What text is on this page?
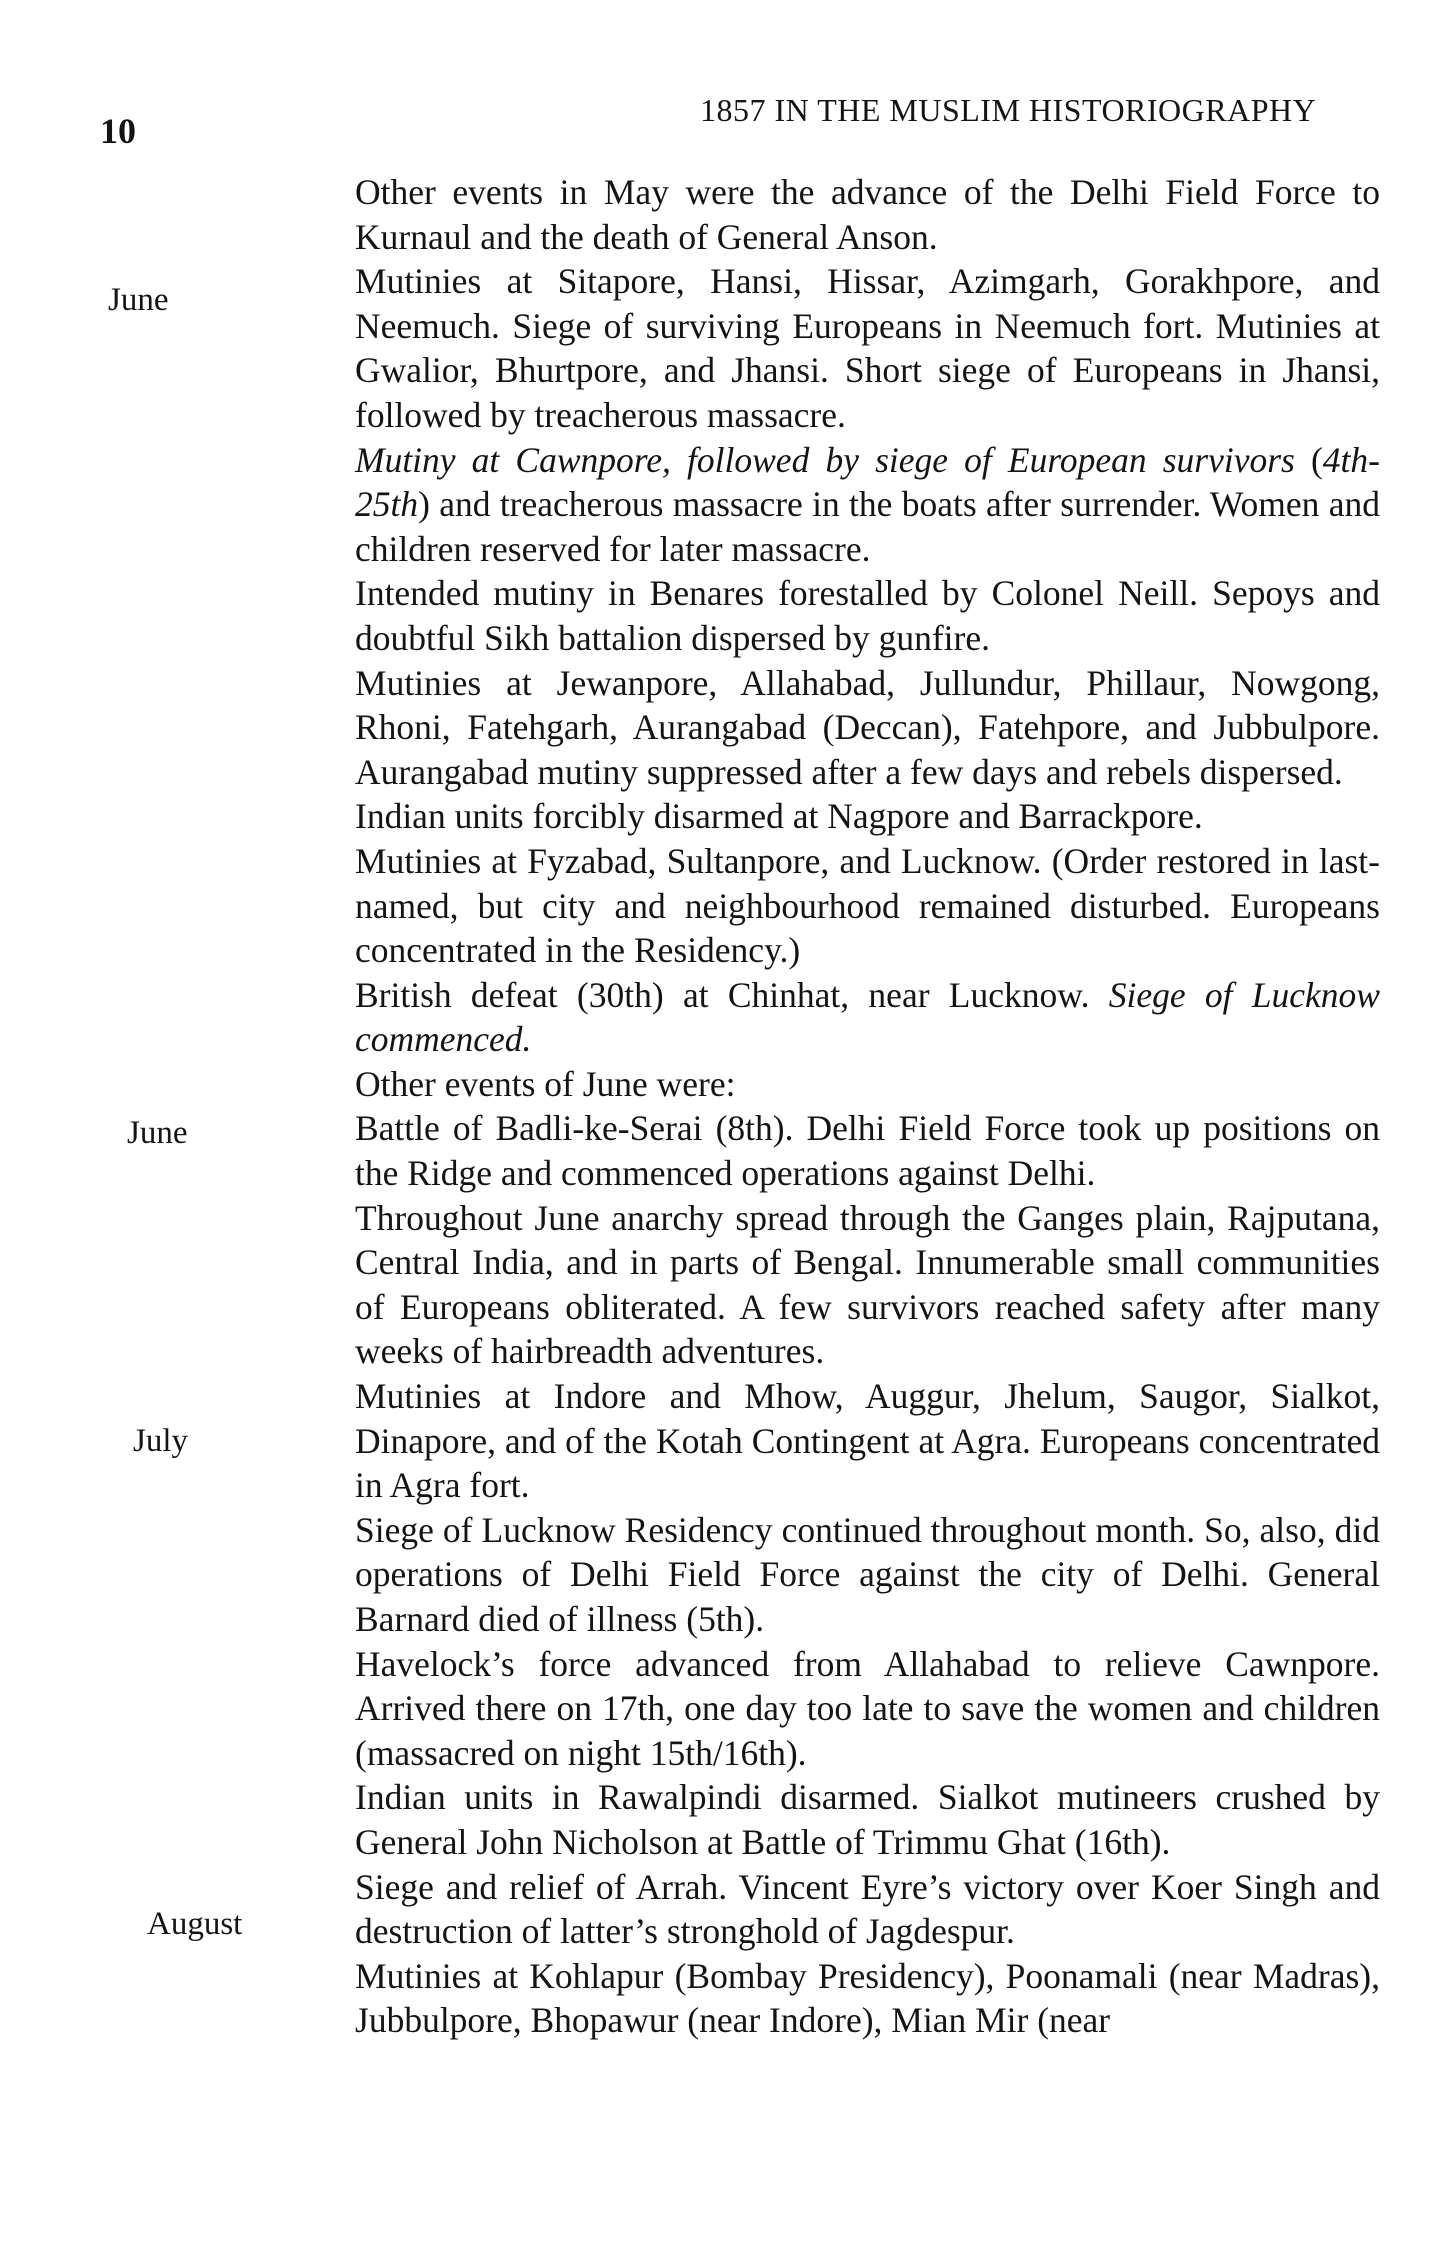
10
1857 IN THE MUSLIM HISTORIOGRAPHY
June
June
July
August

Other events in May were the advance of the Delhi Field Force to Kurnaul and the death of General Anson.

Mutinies at Sitapore, Hansi, Hissar, Azimgarh, Gorakhpore, and Neemuch. Siege of surviving Europeans in Neemuch fort. Mutinies at Gwalior, Bhurtpore, and Jhansi. Short siege of Europeans in Jhansi, followed by treacherous massacre.

Mutiny at Cawnpore, followed by siege of European survivors (4th-25th) and treacherous massacre in the boats after surrender. Women and children reserved for later massacre.

Intended mutiny in Benares forestalled by Colonel Neill. Sepoys and doubtful Sikh battalion dispersed by gunfire.

Mutinies at Jewanpore, Allahabad, Jullundur, Phillaur, Nowgong, Rhoni, Fatehgarh, Aurangabad (Deccan), Fatehpore, and Jubbulpore. Aurangabad mutiny suppressed after a few days and rebels dispersed.

Indian units forcibly disarmed at Nagpore and Barrackpore.

Mutinies at Fyzabad, Sultanpore, and Lucknow. (Order restored in last-named, but city and neighbourhood remained disturbed. Europeans concentrated in the Residency.)

British defeat (30th) at Chinhat, near Lucknow. Siege of Lucknow commenced.

Other events of June were:

Battle of Badli-ke-Serai (8th). Delhi Field Force took up positions on the Ridge and commenced operations against Delhi.

Throughout June anarchy spread through the Ganges plain, Rajputana, Central India, and in parts of Bengal. Innumerable small communities of Europeans obliterated. A few survivors reached safety after many weeks of hairbreadth adventures.

Mutinies at Indore and Mhow, Auggur, Jhelum, Saugor, Sialkot, Dinapore, and of the Kotah Contingent at Agra. Europeans concentrated in Agra fort.

Siege of Lucknow Residency continued throughout month. So, also, did operations of Delhi Field Force against the city of Delhi. General Barnard died of illness (5th).

Havelock’s force advanced from Allahabad to relieve Cawnpore. Arrived there on 17th, one day too late to save the women and children (massacred on night 15th/16th).

Indian units in Rawalpindi disarmed. Sialkot mutineers crushed by General John Nicholson at Battle of Trimmu Ghat (16th).

Siege and relief of Arrah. Vincent Eyre’s victory over Koer Singh and destruction of latter’s stronghold of Jagdespur.

Mutinies at Kohlapur (Bombay Presidency), Poonamali (near Madras), Jubbulpore, Bhopawur (near Indore), Mian Mir (near
